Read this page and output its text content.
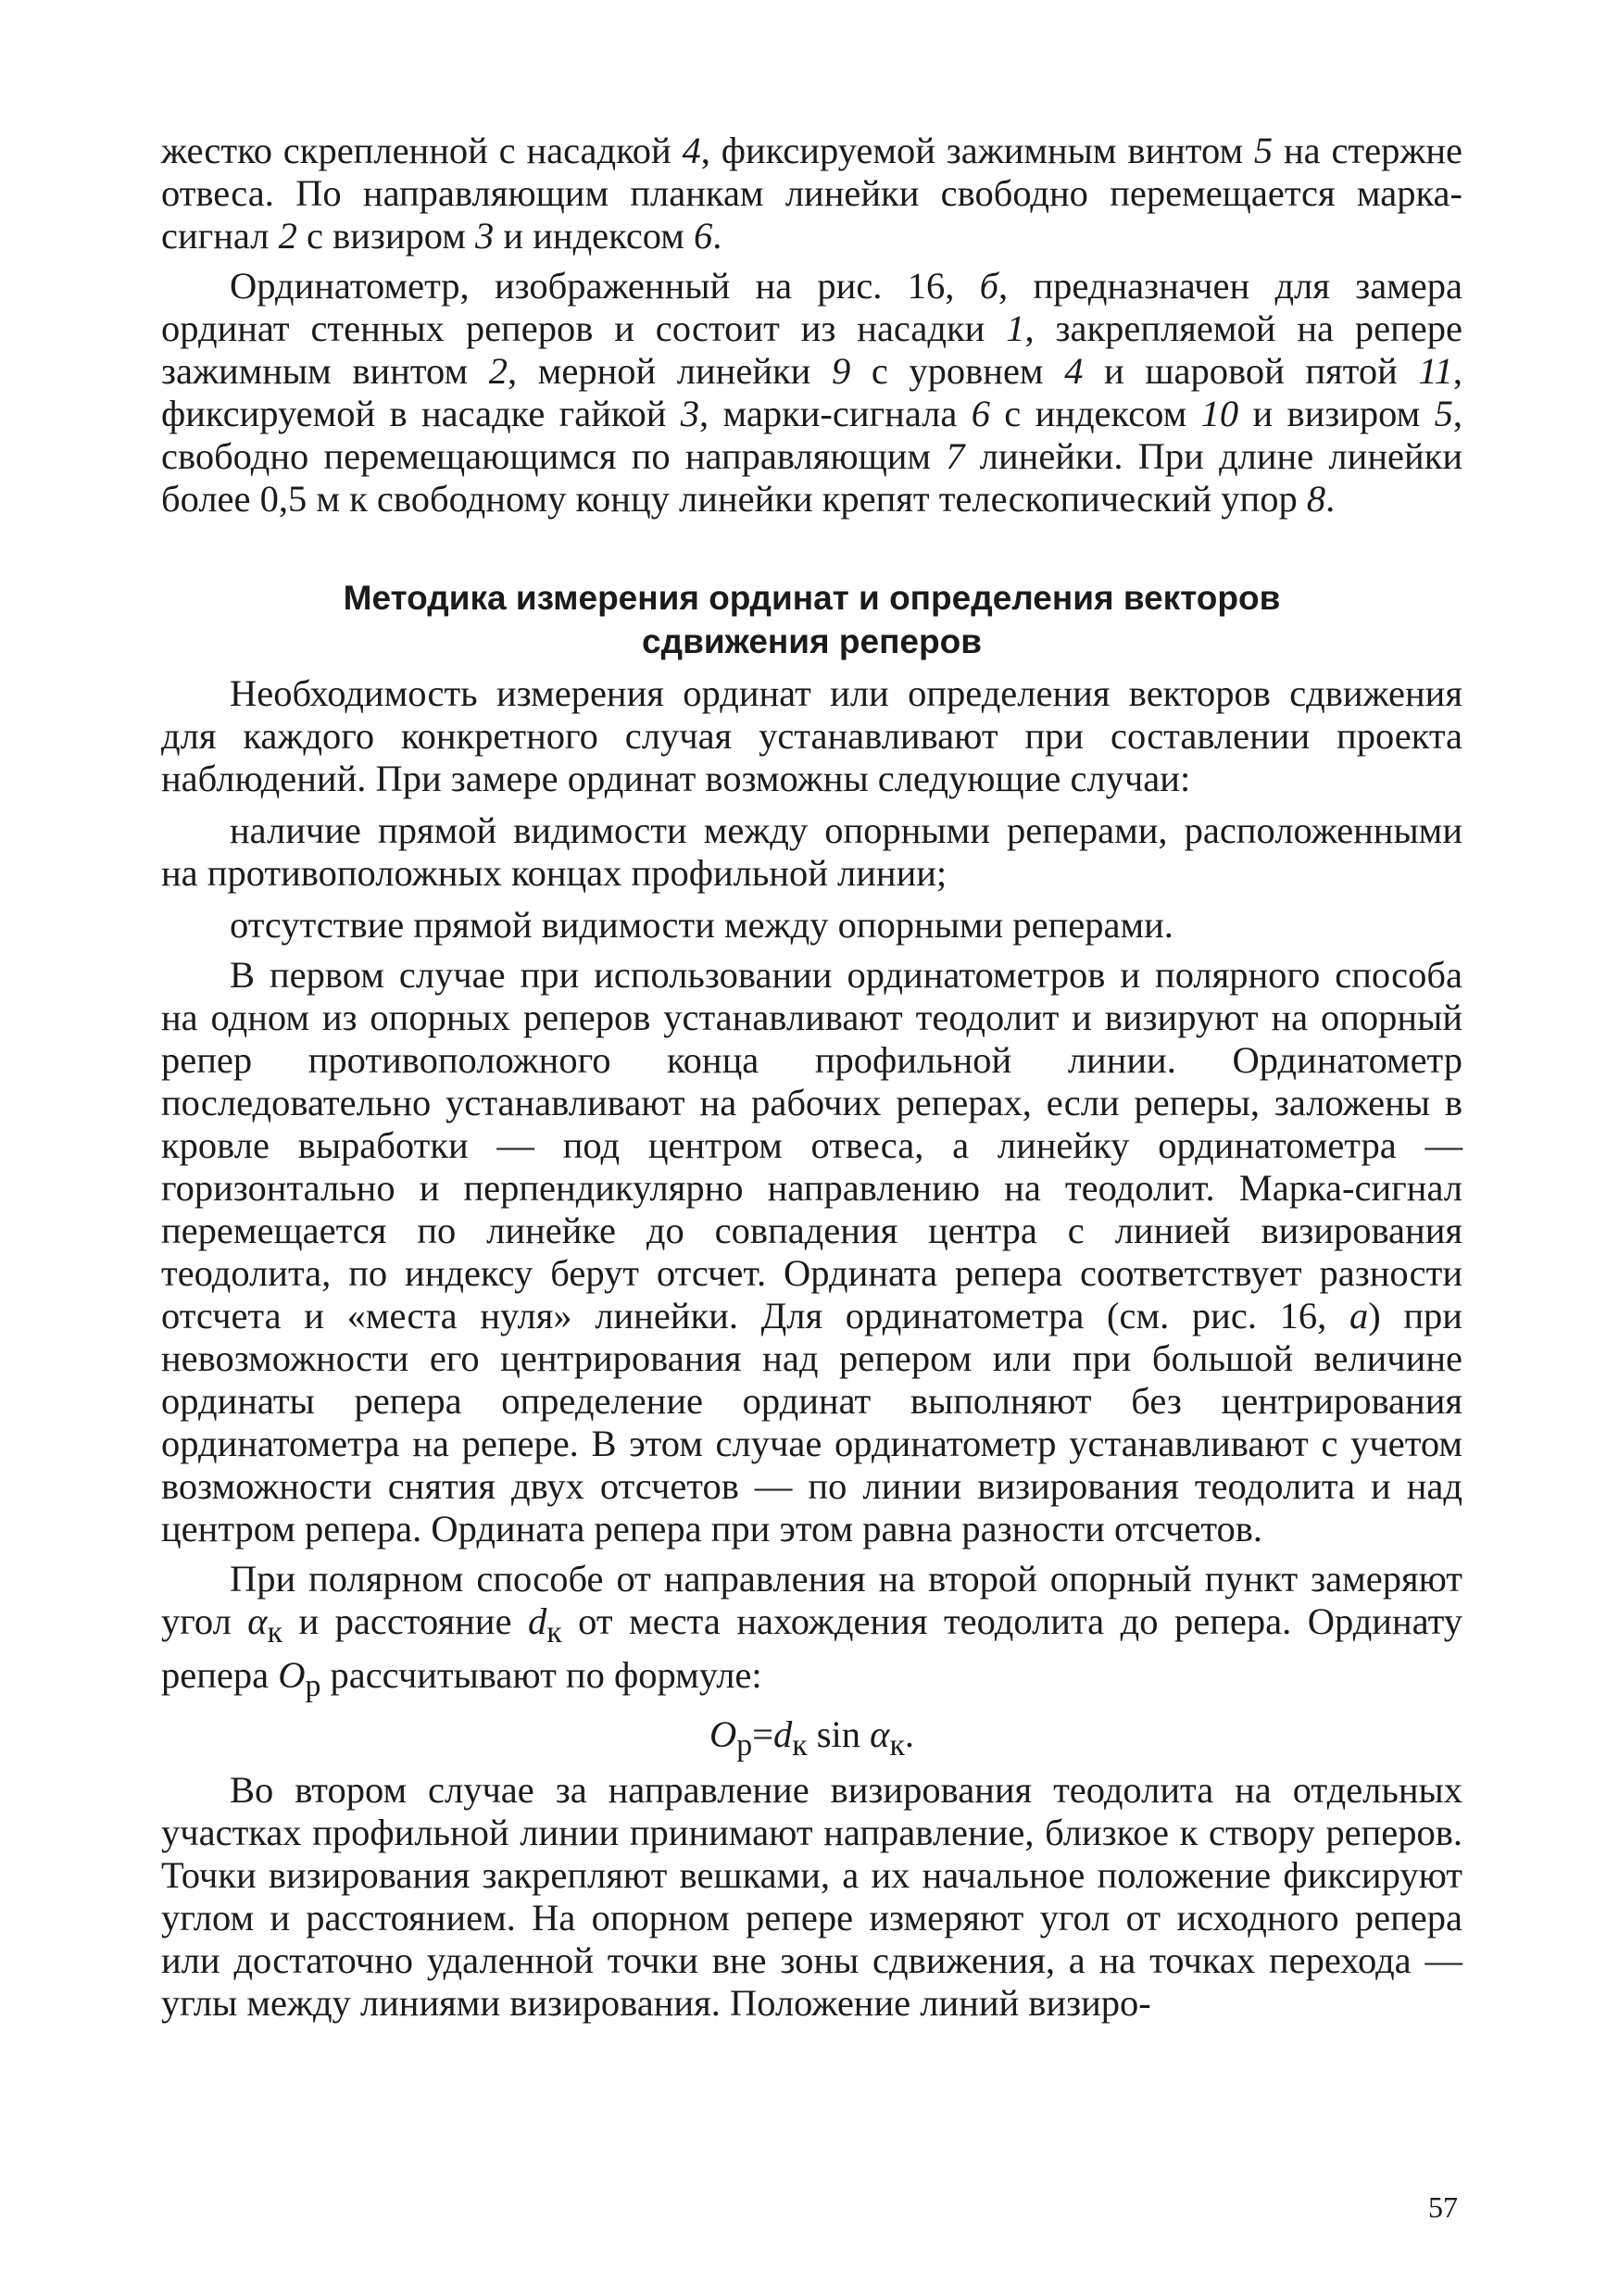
жестко скрепленной с насадкой 4, фиксируемой зажимным винтом 5 на стержне отвеса. По направляющим планкам линейки свободно перемещается марка-сигнал 2 с визиром 3 и индексом 6.

Ординатометр, изображенный на рис. 16, б, предназначен для замера ординат стенных реперов и состоит из насадки 1, закрепляемой на репере зажимным винтом 2, мерной линейки 9 с уровнем 4 и шаровой пятой 11, фиксируемой в насадке гайкой 3, марки-сигнала 6 с индексом 10 и визиром 5, свободно перемещающимся по направляющим 7 линейки. При длине линейки более 0,5 м к свободному концу линейки крепят телескопический упор 8.

Методика измерения ординат и определения векторов
сдвижения реперов

Необходимость измерения ординат или определения векторов сдвижения для каждого конкретного случая устанавливают при составлении проекта наблюдений. При замере ординат возможны следующие случаи:

наличие прямой видимости между опорными реперами, расположенными на противоположных концах профильной линии;

отсутствие прямой видимости между опорными реперами.

В первом случае при использовании ординатометров и полярного способа на одном из опорных реперов устанавливают теодолит и визируют на опорный репер противоположного конца профильной линии. Ординатометр последовательно устанавливают на рабочих реперах, если реперы, заложены в кровле выработки — под центром отвеса, а линейку ординатометра — горизонтально и перпендикулярно направлению на теодолит. Марка-сигнал перемещается по линейке до совпадения центра с линией визирования теодолита, по индексу берут отсчет. Ордината репера соответствует разности отсчета и «места нуля» линейки. Для ординатометра (см. рис. 16, а) при невозможности его центрирования над репером или при большой величине ординаты репера определение ординат выполняют без центрирования ординатометра на репере. В этом случае ординатометр устанавливают с учетом возможности снятия двух отсчетов — по линии визирования теодолита и над центром репера. Ордината репера при этом равна разности отсчетов.

При полярном способе от направления на второй опорный пункт замеряют угол $\alpha_к$ и расстояние $d_к$ от места нахождения теодолита до репера. Ординату репера $O_р$ рассчитывают по формуле:

$O_р=d_к$ $\sin \alpha_к$.

Во втором случае за направление визирования теодолита на отдельных участках профильной линии принимают направление, близкое к створу реперов. Точки визирования закрепляют вешками, а их начальное положение фиксируют углом и расстоянием. На опорном репере измеряют угол от исходного репера или достаточно удаленной точки вне зоны сдвижения, а на точках перехода — углы между линиями визирования. Положение линий визиро-

57
